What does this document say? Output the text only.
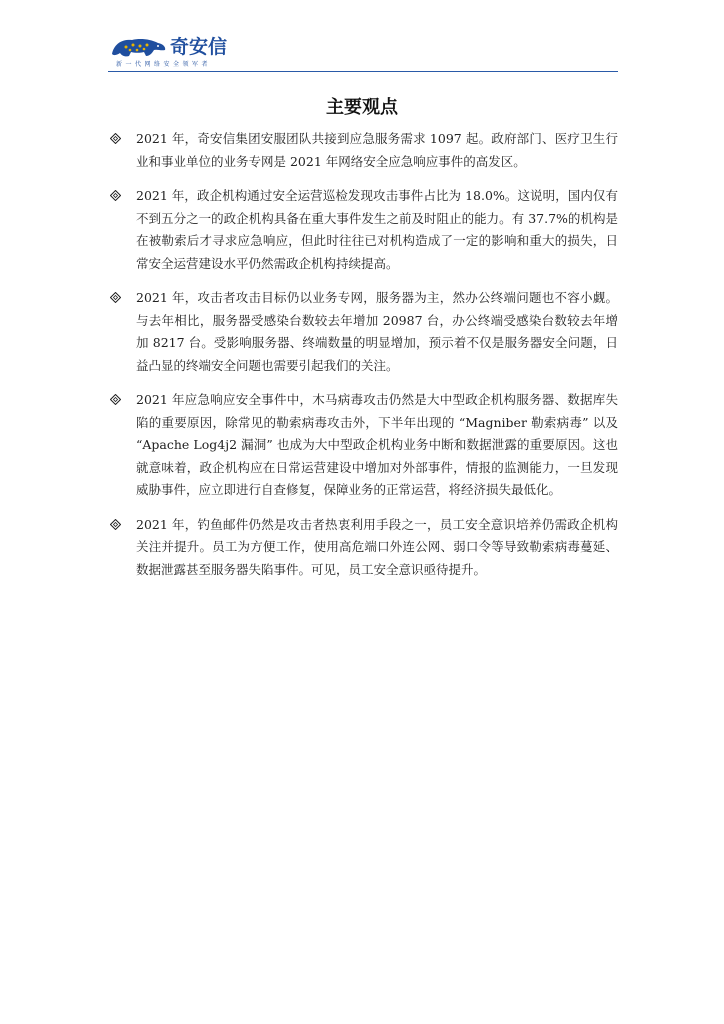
奇安信
新一代网络安全领军者
主要观点
2021 年，奇安信集团安服团队共接到应急服务需求 1097 起。政府部门、医疗卫生行业和事业单位的业务专网是 2021 年网络安全应急响应事件的高发区。
2021 年，政企机构通过安全运营巡检发现攻击事件占比为 18.0%。这说明，国内仅有不到五分之一的政企机构具备在重大事件发生之前及时阻止的能力。有 37.7%的机构是在被勒索后才寻求应急响应，但此时往往已对机构造成了一定的影响和重大的损失，日常安全运营建设水平仍然需政企机构持续提高。
2021 年，攻击者攻击目标仍以业务专网，服务器为主，然办公终端问题也不容小觑。与去年相比，服务器受感染台数较去年增加 20987 台，办公终端受感染台数较去年增加 8217 台。受影响服务器、终端数量的明显增加，预示着不仅是服务器安全问题，日益凸显的终端安全问题也需要引起我们的关注。
2021 年应急响应安全事件中，木马病毒攻击仍然是大中型政企机构服务器、数据库失陷的重要原因，除常见的勒索病毒攻击外，下半年出现的 “Magniber 勒索病毒” 以及 “Apache Log4j2 漏洞” 也成为大中型政企机构业务中断和数据泄露的重要原因。这也就意味着，政企机构应在日常运营建设中增加对外部事件，情报的监测能力，一旦发现威胁事件，应立即进行自查修复，保障业务的正常运营，将经济损失最低化。
2021 年，钓鱼邮件仍然是攻击者热衷利用手段之一，员工安全意识培养仍需政企机构关注并提升。员工为方便工作，使用高危端口外连公网、弱口令等导致勒索病毒蔓延、数据泄露甚至服务器失陷事件。可见，员工安全意识亟待提升。
